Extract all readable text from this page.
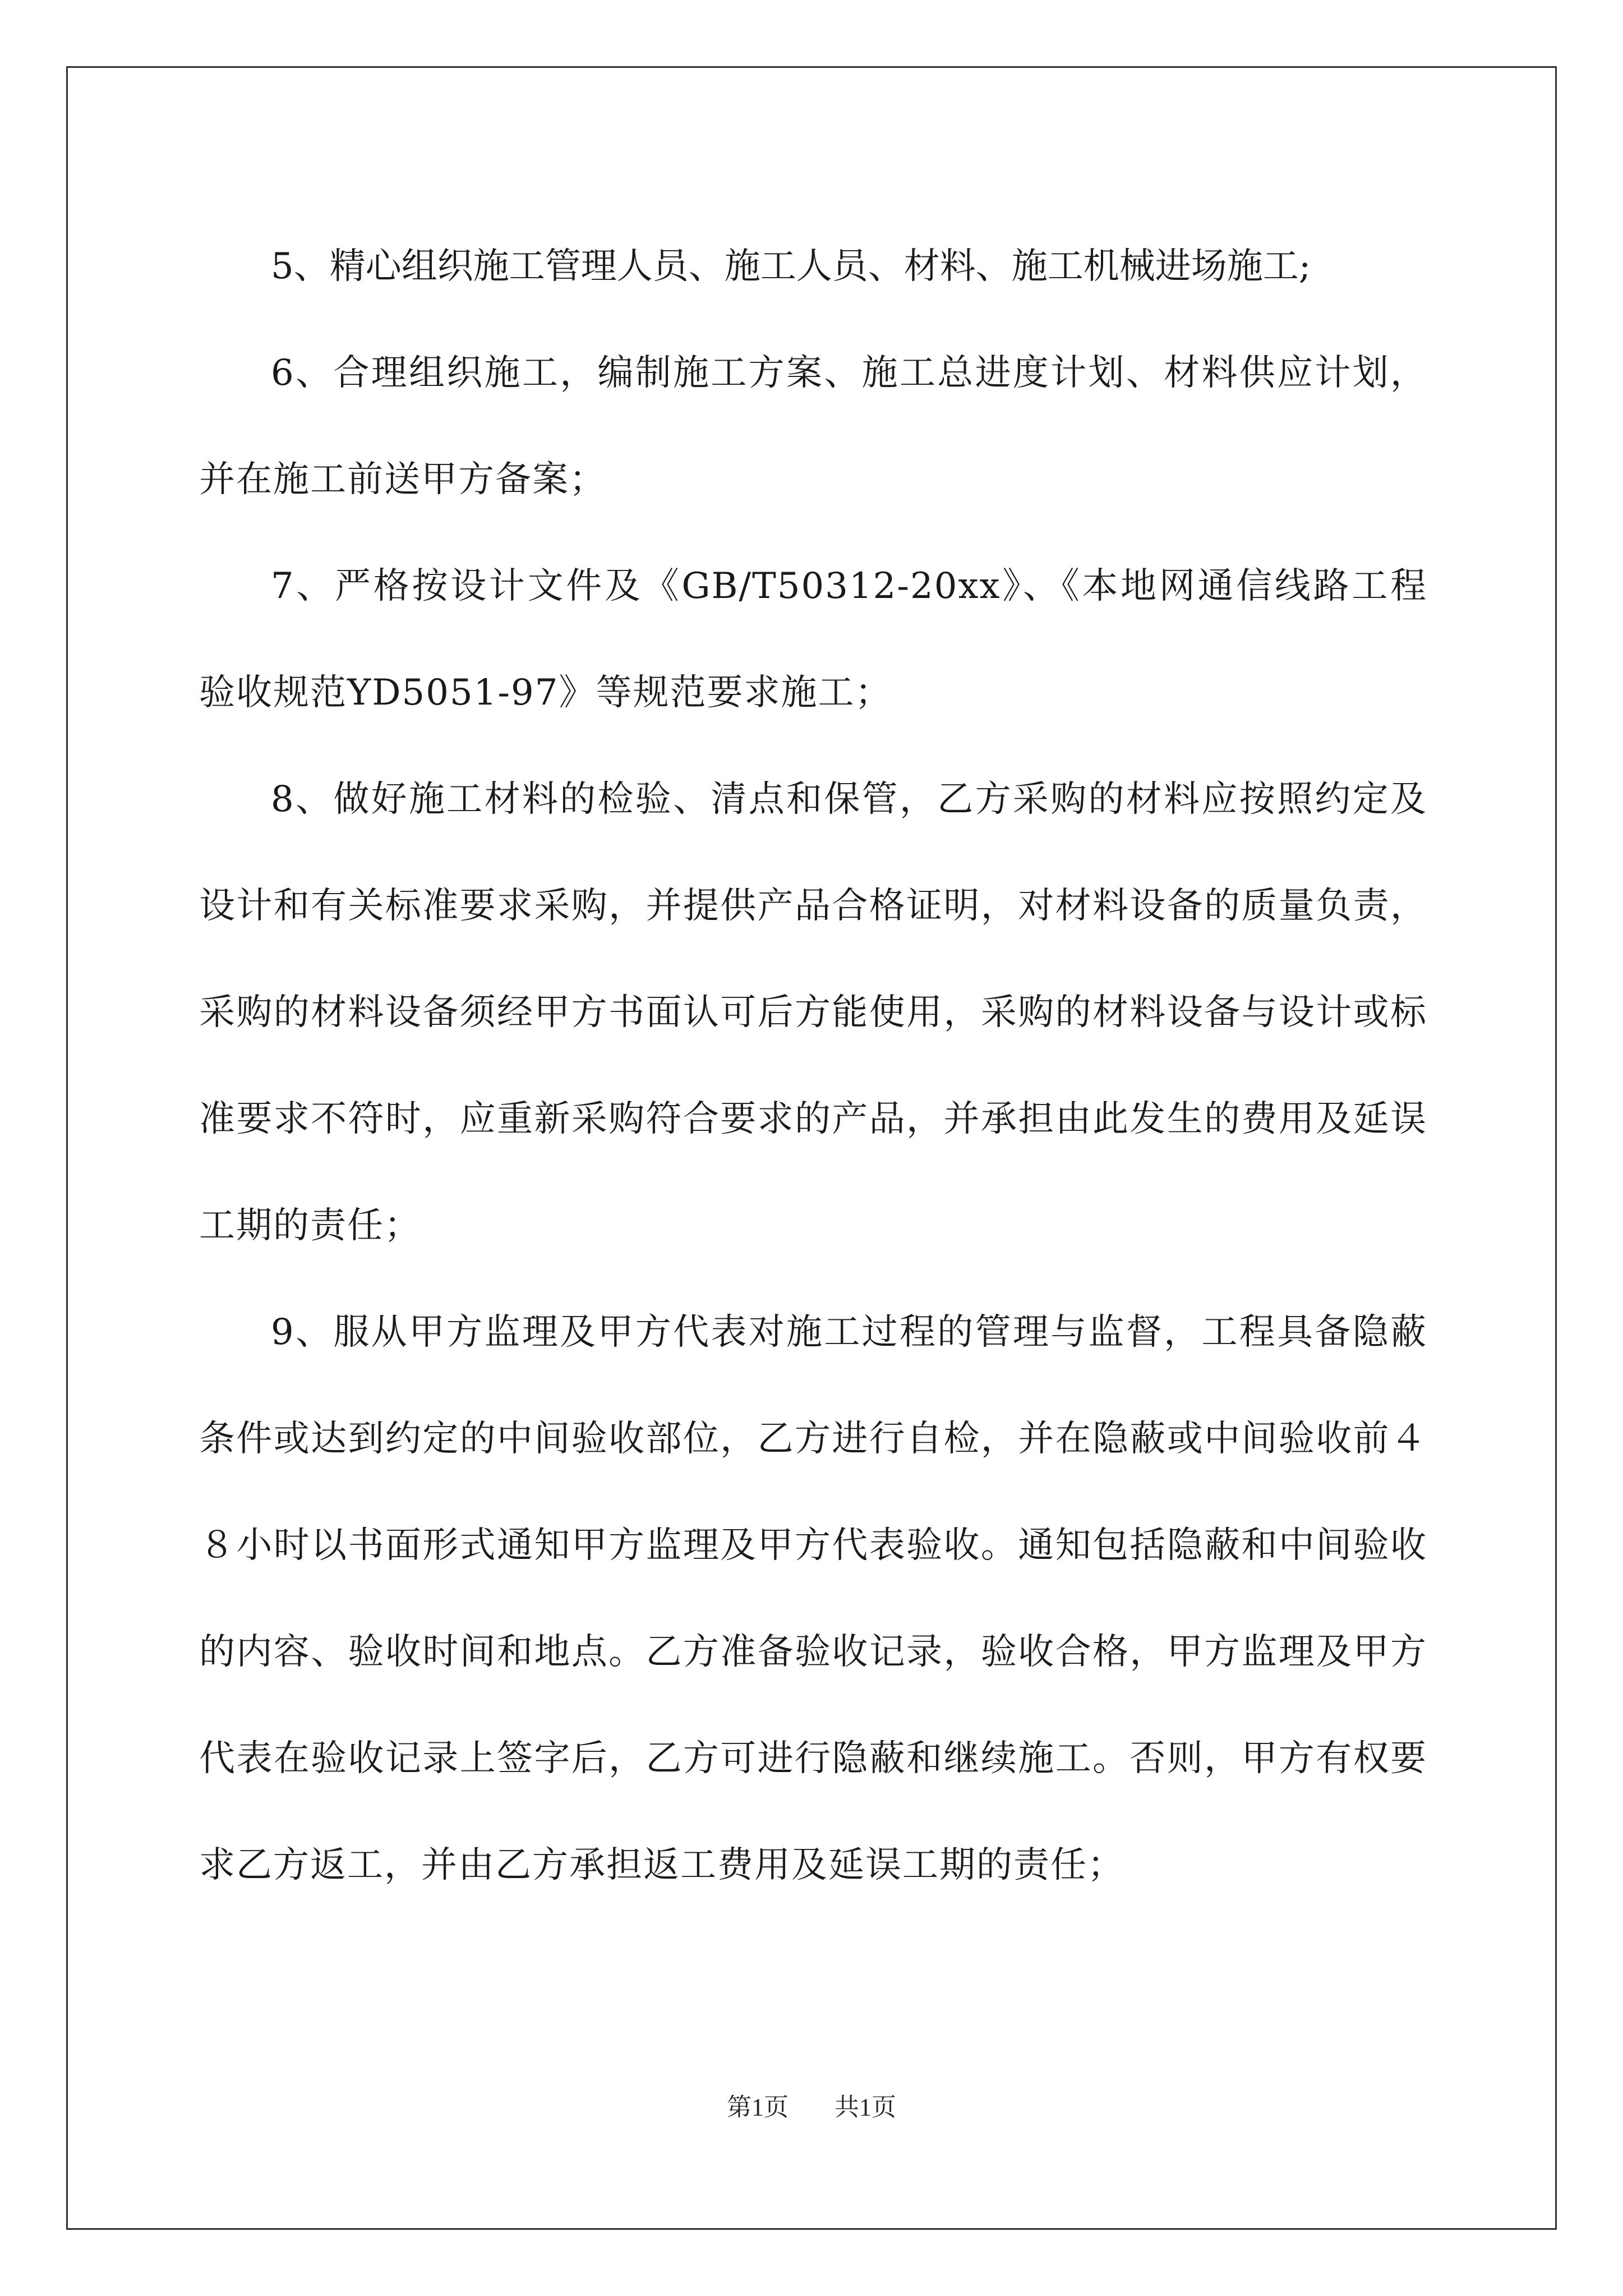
5、精心组织施工管理人员、施工人员、材料、施工机械进场施工;

6、合理组织施工，编制施工方案、施工总进度计划、材料供应计划，并在施工前送甲方备案；

7、严格按设计文件及《GB/T50312-20xx》、《本地网通信线路工程验收规范YD5051-97》等规范要求施工；

8、做好施工材料的检验、清点和保管，乙方采购的材料应按照约定及设计和有关标准要求采购，并提供产品合格证明，对材料设备的质量负责，采购的材料设备须经甲方书面认可后方能使用，采购的材料设备与设计或标准要求不符时，应重新采购符合要求的产品，并承担由此发生的费用及延误工期的责任；

9、服从甲方监理及甲方代表对施工过程的管理与监督，工程具备隐蔽条件或达到约定的中间验收部位，乙方进行自检，并在隐蔽或中间验收前４８小时以书面形式通知甲方监理及甲方代表验收。通知包括隐蔽和中间验收的内容、验收时间和地点。乙方准备验收记录，验收合格，甲方监理及甲方代表在验收记录上签字后，乙方可进行隐蔽和继续施工。否则，甲方有权要求乙方返工，并由乙方承担返工费用及延误工期的责任；

第1页 共1页
